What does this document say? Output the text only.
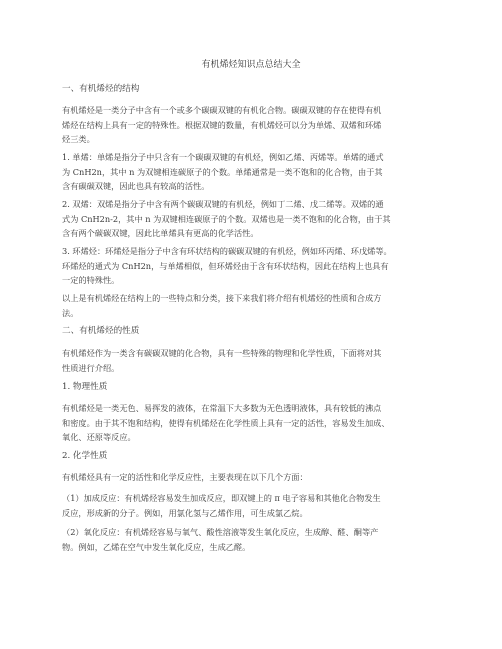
有机烯烃知识点总结大全
一、有机烯烃的结构
有机烯烃是一类分子中含有一个或多个碳碳双键的有机化合物。碳碳双键的存在使得有机
烯烃在结构上具有一定的特殊性。根据双键的数量，有机烯烃可以分为单烯、双烯和环烯
烃三类。
1. 单烯：单烯是指分子中只含有一个碳碳双键的有机烃，例如乙烯、丙烯等。单烯的通式
为 CnH2n，其中 n 为双键相连碳原子的个数。单烯通常是一类不饱和的化合物，由于其
含有碳碳双键，因此也具有较高的活性。
2. 双烯：双烯是指分子中含有两个碳碳双键的有机烃，例如丁二烯、戊二烯等。双烯的通
式为 CnH2n-2，其中 n 为双键相连碳原子的个数。双烯也是一类不饱和的化合物，由于其
含有两个碳碳双键，因此比单烯具有更高的化学活性。
3. 环烯烃：环烯烃是指分子中含有环状结构的碳碳双键的有机烃，例如环丙烯、环戊烯等。
环烯烃的通式为 CnH2n，与单烯相似，但环烯烃由于含有环状结构，因此在结构上也具有
一定的特殊性。
以上是有机烯烃在结构上的一些特点和分类，接下来我们将介绍有机烯烃的性质和合成方
法。
二、有机烯烃的性质
有机烯烃作为一类含有碳碳双键的化合物，具有一些特殊的物理和化学性质，下面将对其
性质进行介绍。
1. 物理性质
有机烯烃是一类无色、易挥发的液体，在常温下大多数为无色透明液体，具有较低的沸点
和密度。由于其不饱和结构，使得有机烯烃在化学性质上具有一定的活性，容易发生加成、
氧化、还原等反应。
2. 化学性质
有机烯烃具有一定的活性和化学反应性，主要表现在以下几个方面：
（1）加成反应：有机烯烃容易发生加成反应，即双键上的 π 电子容易和其他化合物发生
反应，形成新的分子。例如，用氯化氢与乙烯作用，可生成氯乙烷。
（2）氧化反应：有机烯烃容易与氧气、酸性溶液等发生氧化反应，生成醇、醛、酮等产
物。例如，乙烯在空气中发生氧化反应，生成乙醛。
